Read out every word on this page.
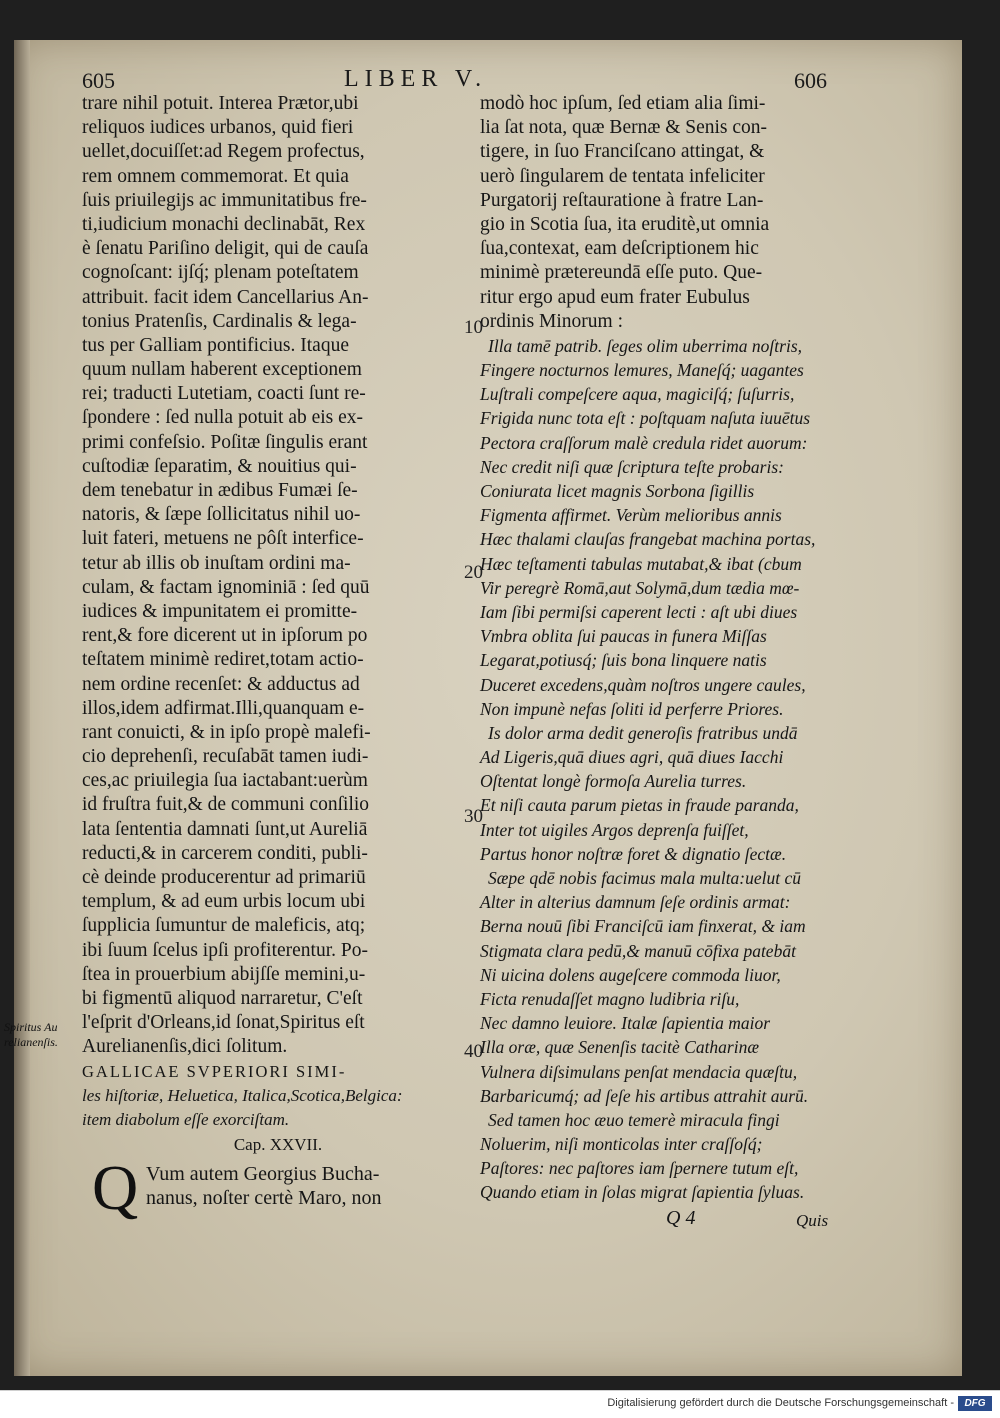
605	LIBER V.	606
trare nihil potuit. Interea Prætor,ubi
reliquos iudices urbanos, quid fieri
uellet,docuiſſet:ad Regem profectus,
rem omnem commemorat. Et quia
ſuis priuilegijs ac immunitatibus fre-
ti,iudicium monachi declinabāt, Rex
è ſenatu Pariſino deligit, qui de cauſa
cognoſcant: ijſq́; plenam poteſtatem
attribuit. facit idem Cancellarius An-
tonius Pratenſis, Cardinalis & lega-
tus per Galliam pontificius. Itaque
quum nullam haberent exceptionem
rei; traducti Lutetiam, coacti ſunt re-
ſpondere : ſed nulla potuit ab eis ex-
primi confeſsio. Poſitæ ſingulis erant
cuſtodiæ ſeparatim, & nouitius qui-
dem tenebatur in ædibus Fumæi ſe-
natoris, & ſæpe ſollicitatus nihil uo-
luit fateri, metuens ne pôſt interfice-
tetur ab illis ob inuſtam ordini ma-
culam, & factam ignominiā : ſed quū
iudices & impunitatem ei promitte-
rent,& fore dicerent ut in ipſorum po
teſtatem minimè rediret,totam actio-
nem ordine recenſet: & adductus ad
illos,idem adfirmat.Illi,quanquam e-
rant conuicti, & in ipſo propè malefi-
cio deprehenſi, recuſabāt tamen iudi-
ces,ac priuilegia ſua iactabant:uerùm
id fruſtra fuit,& de communi conſilio
lata ſententia damnati ſunt,ut Aureliā
reducti,& in carcerem conditi, publi-
cè deinde producerentur ad primariū
templum, & ad eum urbis locum ubi
ſupplicia ſumuntur de maleficis, atq;
ibi ſuum ſcelus ipſi profiterentur. Po-
ſtea in prouerbium abijſſe memini,u-
bi figmentū aliquod narraretur, C'eſt
l'eſprit d'Orleans,id ſonat,Spiritus eſt
Aurelianenſis,dici ſolitum.
GALLICAE SVPERIORI SIMI-
les hiſtoriæ, Heluetica, Italica,Scotica,Belgica:
item diabolum eſſe exorciſtam.
Cap. XXVII.
Q Vum autem Georgius Bucha-
nanus, noſter certè Maro, non
Spiritus Au
relianenſis.
modò hoc ipſum, ſed etiam alia ſimi-
lia ſat nota, quæ Bernæ & Senis con-
tigere, in ſuo Franciſcano attingat, &
uerò ſingularem de tentata infeliciter
Purgatorij reſtauratione à fratre Lan-
gio in Scotia ſua, ita eruditè,ut omnia
ſua,contexat, eam deſcriptionem hic
minimè prætereundā eſſe puto. Que-
ritur ergo apud eum frater Eubulus
ordinis Minorum :
Illa tamē patrib. ſeges olim uberrima noſtris,
Fingere nocturnos lemures, Maneſq́; uagantes
Luſtrali compeſcere aqua, magiciſq́; ſuſurris,
Frigida nunc tota eſt : poſtquam naſuta iuuētus
Pectora craſſorum malè credula ridet auorum:
Nec credit niſi quæ ſcriptura teſte probaris:
Coniurata licet magnis Sorbona ſigillis
Figmenta affirmet. Verùm melioribus annis
Hæc thalami clauſas frangebat machina portas,
Hæc teſtamenti tabulas mutabat,& ibat (cbum
Vir peregrè Romā,aut Solymā,dum tædia mœ-
Iam ſibi permiſsi caperent lecti : aſt ubi diues
Vmbra oblita ſui paucas in funera Miſſas
Legarat,potiusq́; ſuis bona linquere natis
Duceret excedens,quàm noſtros ungere caules,
Non impunè nefas ſoliti id perferre Priores.
Is dolor arma dedit generoſis fratribus undā
Ad Ligeris,quā diues agri, quā diues Iacchi
Oſtentat longè formoſa Aurelia turres.
Et niſi cauta parum pietas in fraude paranda,
Inter tot uigiles Argos deprenſa fuiſſet,
Partus honor noſtræ foret & dignatio ſectæ.
Sæpe qdē nobis facimus mala multa:uelut cū
Alter in alterius damnum ſeſe ordinis armat:
Berna nouū ſibi Franciſcū iam finxerat, & iam
Stigmata clara pedū,& manuū cōfixa patebāt
Ni uicina dolens augeſcere commoda liuor,
Ficta renudaſſet magno ludibria riſu,
Nec damno leuiore. Italæ ſapientia maior
Illa oræ, quæ Senenſis tacitè Catharinæ
Vulnera diſsimulans penſat mendacia quæſtu,
Barbaricumq́; ad ſeſe his artibus attrahit aurū.
Sed tamen hoc æuo temerè miracula fingi
Noluerim, niſi monticolas inter craſſoſq́;
Paſtores: nec paſtores iam ſpernere tutum eſt,
Quando etiam in ſolas migrat ſapientia ſyluas.
10
20
30
40
Q 4	Quis
Digitalisierung gefördert durch die Deutsche Forschungsgemeinschaft -	DFG
